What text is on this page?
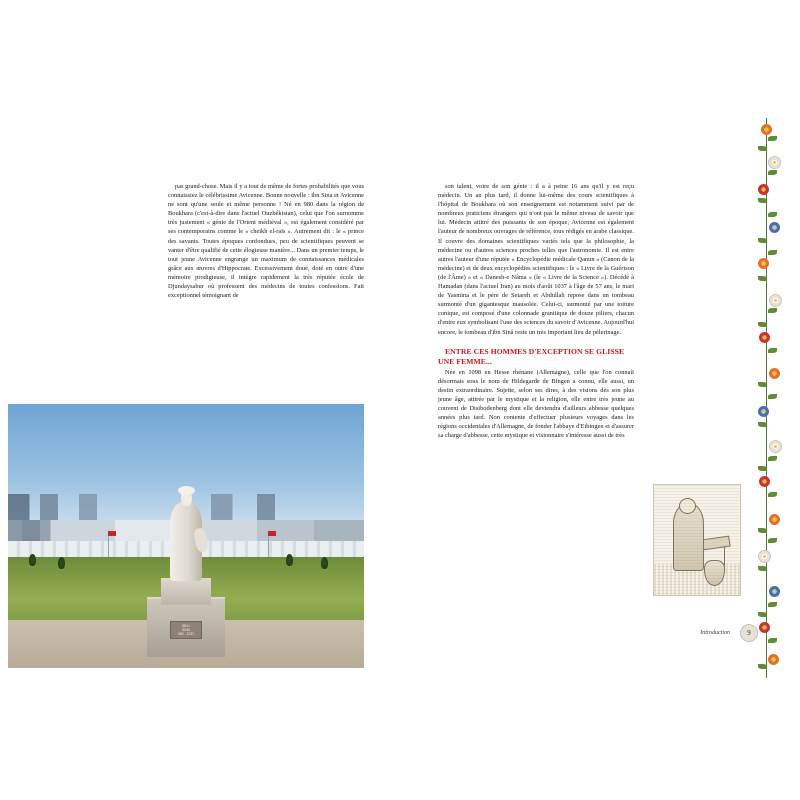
pas grand-chose. Mais il y a tout de même de fortes probabilités que vous connaissiez le célébrissime Avicenne. Bonne nouvelle : ibn Sina et Avicenne ne sont qu'une seule et même personne ! Né en 980 dans la région de Boukhara (c'est-à-dire dans l'actuel Ouzbékistan), celui que l'on surnomme très justement « génie de l'Orient médiéval », est également considéré par ses contemporains comme le « cheikh el-raïs ». Autrement dit : le « prince des savants. Toutes époques confondues, peu de scientifiques peuvent se vanter d'être qualifié de cette élogieuse manière... Dans un premier temps, le tout jeune Avicenne engrange un maximum de connaissances médicales grâce aux œuvres d'Hippocrate. Excessivement doué, doté en outre d'une mémoire prodigieuse, il intègre rapidement la très réputée école de Djundaysabur où professent des médecins de toutes confessions. Fait exceptionnel témoignant de

son talent, voire de son génie : il a à peine 16 ans qu'il y est reçu médecin. Un an plus tard, il donne lui-même des cours scientifiques à l'hôpital de Boukhara où son enseignement est notamment suivi par de nombreux praticiens étrangers qui n'ont pas le même niveau de savoir que lui. Médecin attitré des puissants de son époque, Avicenne est également l'auteur de nombreux ouvrages de référence, tous rédigés en arabe classique. Il couvre des domaines scientifiques variés tels que la philosophie, la médecine ou d'autres sciences proches telles que l'astronomie. Il est entre autres l'auteur d'une réputée « Encyclopédie médicale Qanun » (Canon de la médecine) et de deux encyclopédies scientifiques : le « Livre de la Guérison (de l'Âme) » et « Danesh-e Nâma » (le « Livre de la Science »). Décédé à Hamadan (dans l'actuel Iran) au mois d'août 1037 à l'âge de 57 ans, le mari de Yasmina et le père de Setareh et Abdullah repose dans un tombeau surmonté d'un gigantesque mausolée. Celui-ci, surmonté par une toiture conique, est composé d'une colonnade granitique de douze piliers, chacun d'entre eux symbolisant l'une des sciences du savoir d'Avicenne. Aujourd'hui encore, le tombeau d'ibn Sinâ reste un très important lieu de pèlerinage.

ENTRE CES HOMMES D'EXCEPTION SE GLISSE UNE FEMME...

Née en 1098 en Hesse rhénane (Allemagne), celle que l'on connaît désormais sous le nom de Hildegarde de Bingen a connu, elle aussi, un destin extraordinaire. Sujette, selon ses dires, à des visions dès son plus jeune âge, attirée par le mystique et la religion, elle entre très jeune au couvent de Disibodenberg dont elle deviendra d'ailleurs abbesse quelques années plus tard. Non contente d'effectuer plusieurs voyages dans les régions occidentales d'Allemagne, de fonder l'abbaye d'Eibingen et d'assurer sa charge d'abbesse, cette mystique et visionnaire s'intéresse aussi de très

IBN-I
SINA
980 - 1037	Introduction	9
